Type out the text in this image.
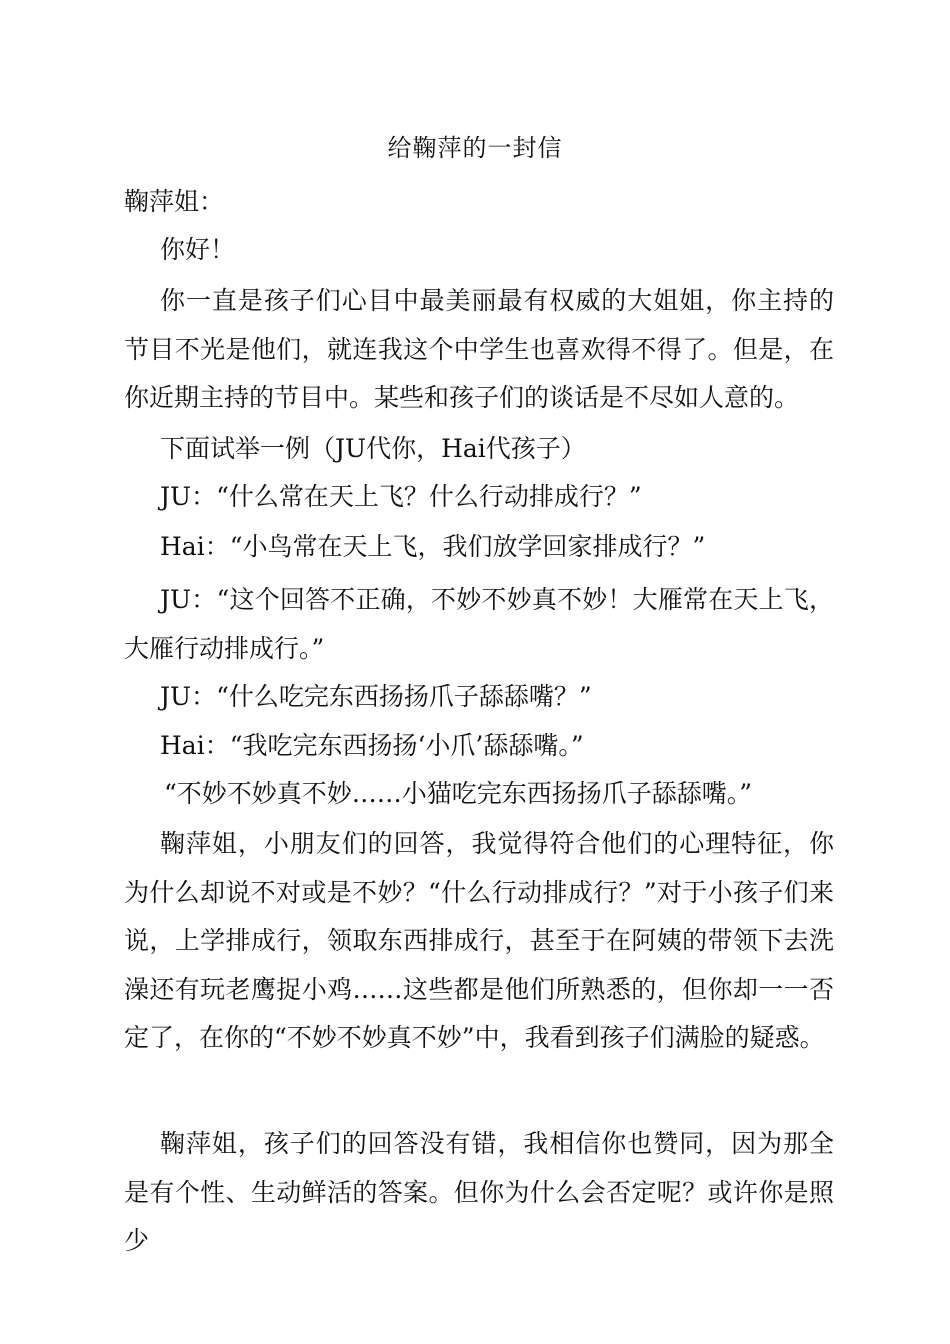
给鞠萍的一封信
鞠萍姐：
你好！
你一直是孩子们心目中最美丽最有权威的大姐姐，你主持的节目不光是他们，就连我这个中学生也喜欢得不得了。但是，在你近期主持的节目中。某些和孩子们的谈话是不尽如人意的。
下面试举一例（JU代你，Hai代孩子）
JU：“什么常在天上飞？什么行动排成行？”
Hai：“小鸟常在天上飞，我们放学回家排成行？”
JU：“这个回答不正确，不妙不妙真不妙！大雁常在天上飞，大雁行动排成行。”
JU：“什么吃完东西扬扬爪子舔舔嘴？”
Hai：“我吃完东西扬扬‘小爪’舔舔嘴。”
“不妙不妙真不妙……小猫吃完东西扬扬爪子舔舔嘴。”
鞠萍姐，小朋友们的回答，我觉得符合他们的心理特征，你为什么却说不对或是不妙？“什么行动排成行？”对于小孩子们来说，上学排成行，领取东西排成行，甚至于在阿姨的带领下去洗澡还有玩老鹰捉小鸡……这些都是他们所熟悉的，但你却一一否定了，在你的“不妙不妙真不妙”中，我看到孩子们满脸的疑惑。
鞠萍姐，孩子们的回答没有错，我相信你也赞同，因为那全是有个性、生动鲜活的答案。但你为什么会否定呢？或许你是照少
